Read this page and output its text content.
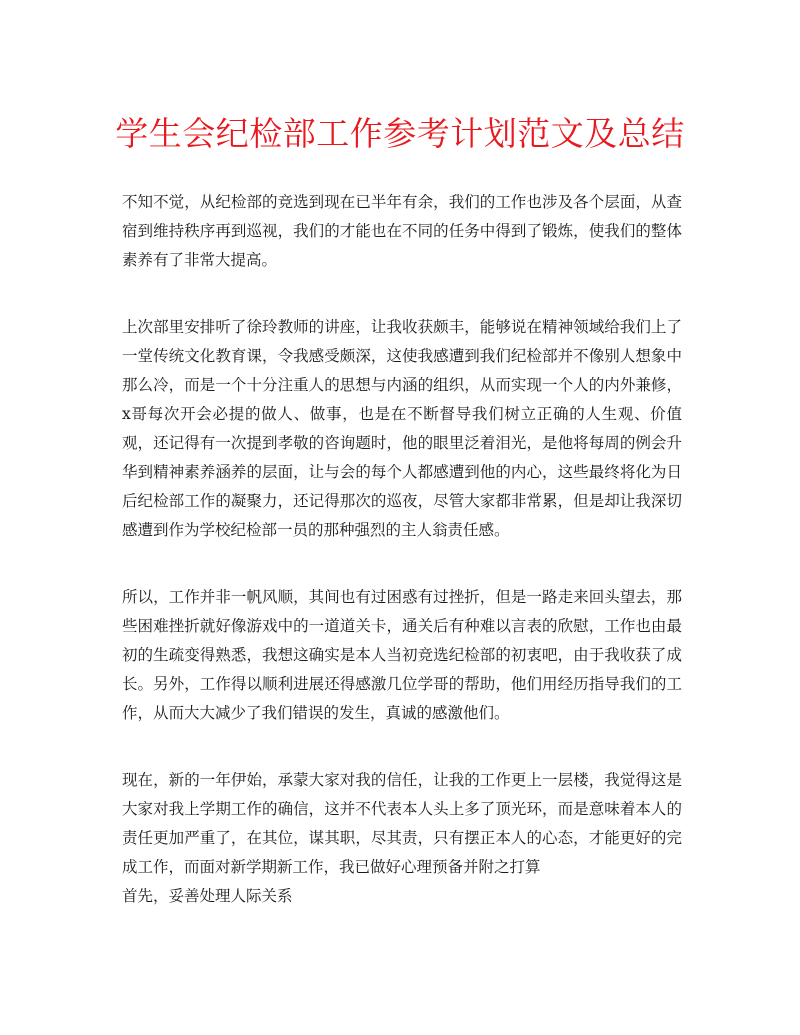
学生会纪检部工作参考计划范文及总结

不知不觉，从纪检部的竞选到现在已半年有余，我们的工作也涉及各个层面，从查宿到维持秩序再到巡视，我们的才能也在不同的任务中得到了锻炼，使我们的整体素养有了非常大提高。

上次部里安排听了徐玲教师的讲座，让我收获颇丰，能够说在精神领域给我们上了一堂传统文化教育课，令我感受颇深，这使我感遭到我们纪检部并不像别人想象中那么冷，而是一个十分注重人的思想与内涵的组织，从而实现一个人的内外兼修，x哥每次开会必提的做人、做事，也是在不断督导我们树立正确的人生观、价值观，还记得有一次提到孝敬的咨询题时，他的眼里泛着泪光，是他将每周的例会升华到精神素养涵养的层面，让与会的每个人都感遭到他的内心，这些最终将化为日后纪检部工作的凝聚力，还记得那次的巡夜，尽管大家都非常累，但是却让我深切感遭到作为学校纪检部一员的那种强烈的主人翁责任感。

所以，工作并非一帆风顺，其间也有过困惑有过挫折，但是一路走来回头望去，那些困难挫折就好像游戏中的一道道关卡，通关后有种难以言表的欣慰，工作也由最初的生疏变得熟悉，我想这确实是本人当初竞选纪检部的初衷吧，由于我收获了成长。另外，工作得以顺利进展还得感激几位学哥的帮助，他们用经历指导我们的工作，从而大大减少了我们错误的发生，真诚的感激他们。

现在，新的一年伊始，承蒙大家对我的信任，让我的工作更上一层楼，我觉得这是大家对我上学期工作的确信，这并不代表本人头上多了顶光环，而是意味着本人的责任更加严重了，在其位，谋其职，尽其责，只有摆正本人的心态，才能更好的完成工作，而面对新学期新工作，我已做好心理预备并附之打算

首先，妥善处理人际关系
